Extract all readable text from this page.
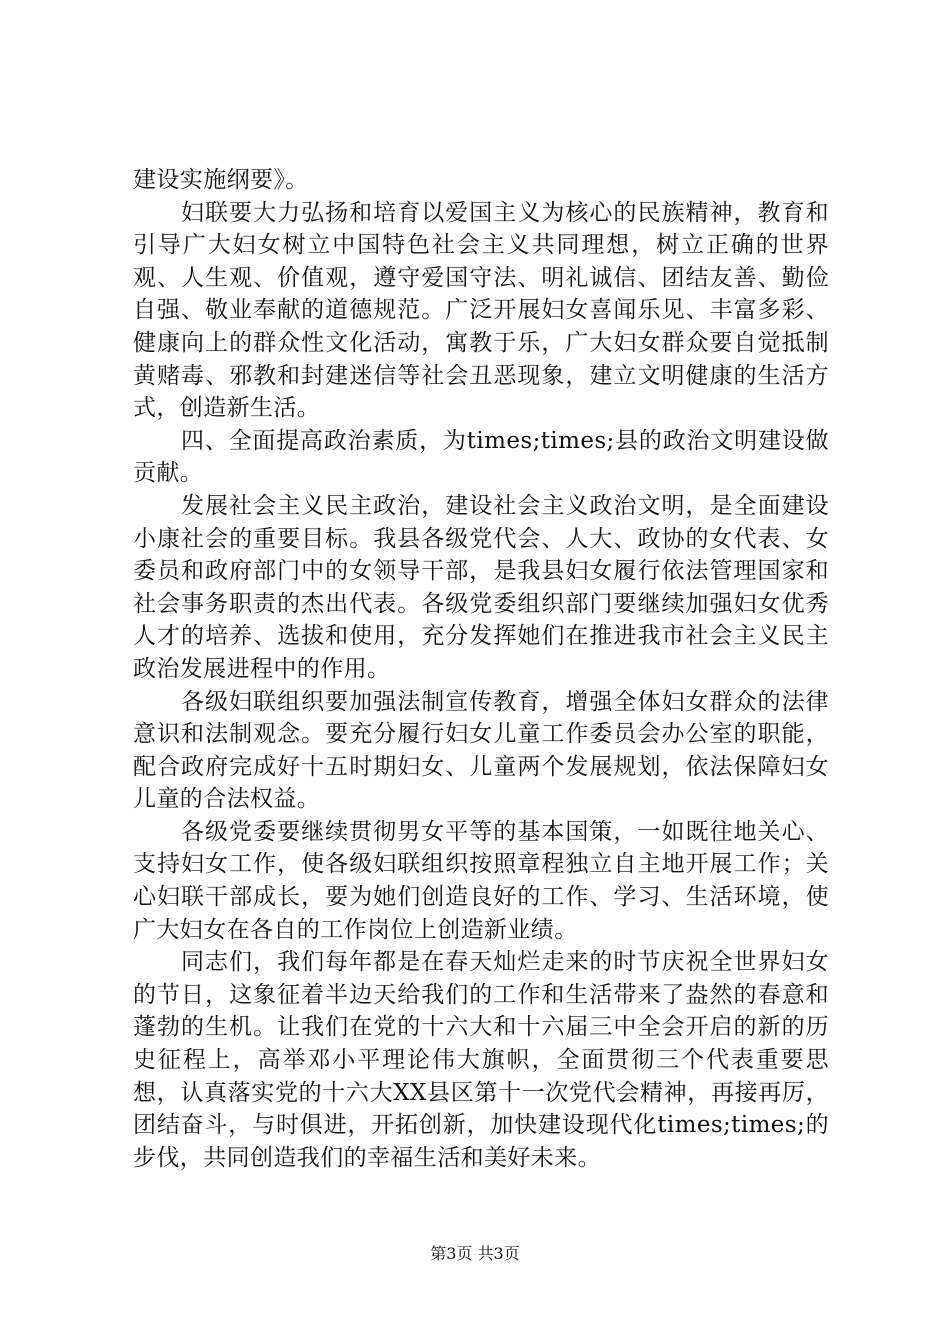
建设实施纲要》。

妇联要大力弘扬和培育以爱国主义为核心的民族精神，教育和引导广大妇女树立中国特色社会主义共同理想，树立正确的世界观、人生观、价值观，遵守爱国守法、明礼诚信、团结友善、勤俭自强、敬业奉献的道德规范。广泛开展妇女喜闻乐见、丰富多彩、健康向上的群众性文化活动，寓教于乐，广大妇女群众要自觉抵制黄赌毒、邪教和封建迷信等社会丑恶现象，建立文明健康的生活方式，创造新生活。

四、全面提高政治素质，为times;times;县的政治文明建设做贡献。

发展社会主义民主政治，建设社会主义政治文明，是全面建设小康社会的重要目标。我县各级党代会、人大、政协的女代表、女委员和政府部门中的女领导干部，是我县妇女履行依法管理国家和社会事务职责的杰出代表。各级党委组织部门要继续加强妇女优秀人才的培养、选拔和使用，充分发挥她们在推进我市社会主义民主政治发展进程中的作用。

各级妇联组织要加强法制宣传教育，增强全体妇女群众的法律意识和法制观念。要充分履行妇女儿童工作委员会办公室的职能，配合政府完成好十五时期妇女、儿童两个发展规划，依法保障妇女儿童的合法权益。

各级党委要继续贯彻男女平等的基本国策，一如既往地关心、支持妇女工作，使各级妇联组织按照章程独立自主地开展工作；关心妇联干部成长，要为她们创造良好的工作、学习、生活环境，使广大妇女在各自的工作岗位上创造新业绩。

同志们，我们每年都是在春天灿烂走来的时节庆祝全世界妇女的节日，这象征着半边天给我们的工作和生活带来了盎然的春意和蓬勃的生机。让我们在党的十六大和十六届三中全会开启的新的历史征程上，高举邓小平理论伟大旗帜，全面贯彻三个代表重要思想，认真落实党的十六大XX县区第十一次党代会精神，再接再厉，团结奋斗，与时俱进，开拓创新，加快建设现代化times;times;的步伐，共同创造我们的幸福生活和美好未来。

第3页 共3页
